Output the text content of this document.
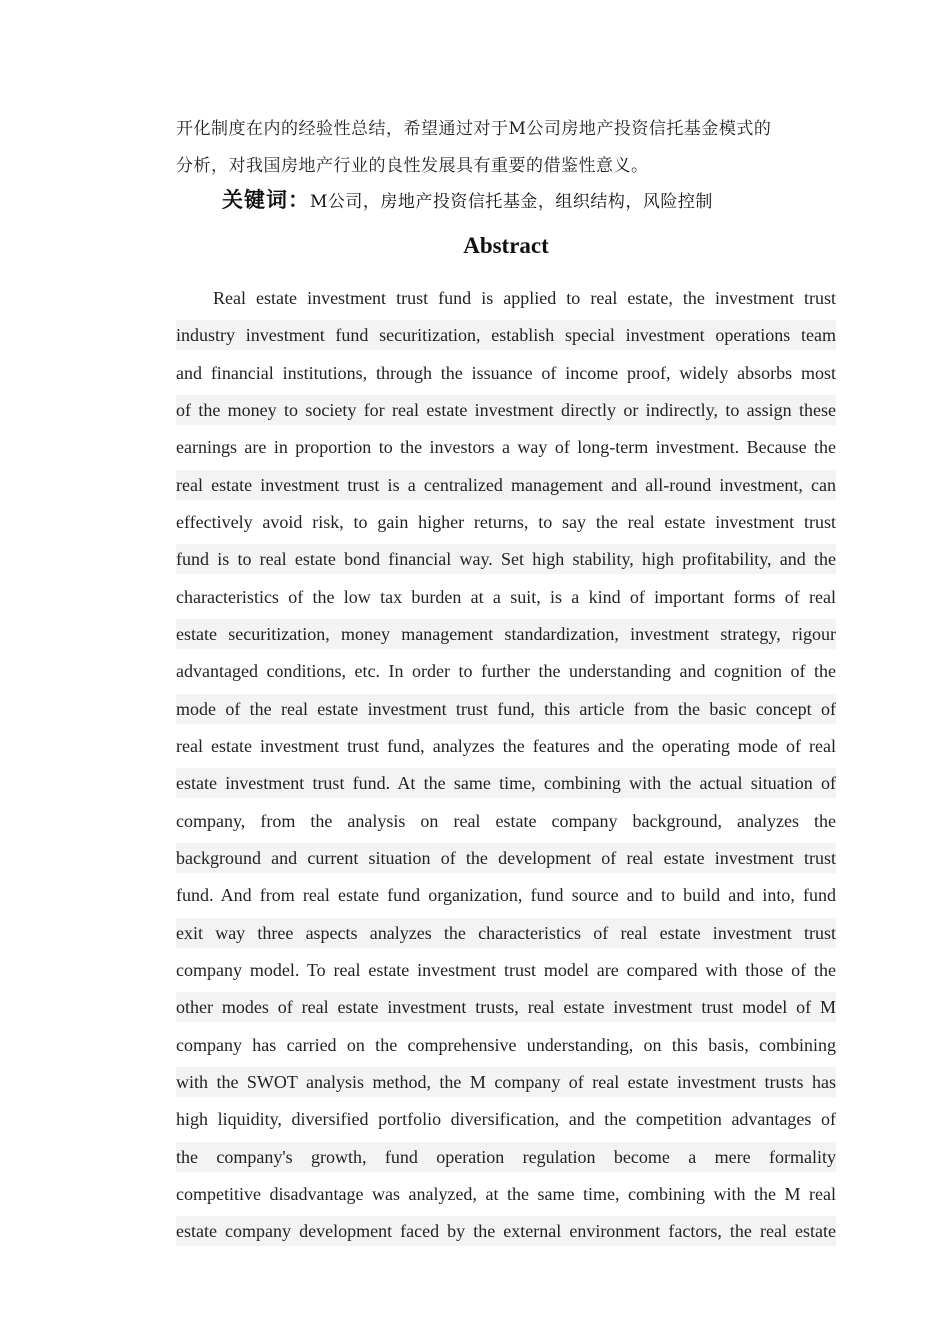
开化制度在内的经验性总结，希望通过对于M公司房地产投资信托基金模式的
分析，对我国房地产行业的良性发展具有重要的借鉴性意义。
关键词：M公司，房地产投资信托基金，组织结构，风险控制
Abstract
Real estate investment trust fund is applied to real estate, the investment trust
industry investment fund securitization, establish special investment operations team
and financial institutions, through the issuance of income proof, widely absorbs most
of the money to society for real estate investment directly or indirectly, to assign these
earnings are in proportion to the investors a way of long-term investment. Because the
real estate investment trust is a centralized management and all-round investment, can
effectively avoid risk, to gain higher returns, to say the real estate investment trust
fund is to real estate bond financial way. Set high stability, high profitability, and the
characteristics of the low tax burden at a suit, is a kind of important forms of real
estate securitization, money management standardization, investment strategy, rigour
advantaged conditions, etc. In order to further the understanding and cognition of the
mode of the real estate investment trust fund, this article from the basic concept of
real estate investment trust fund, analyzes the features and the operating mode of real
estate investment trust fund. At the same time, combining with the actual situation of
company, from the analysis on real estate company background, analyzes the
background and current situation of the development of real estate investment trust
fund. And from real estate fund organization, fund source and to build and into, fund
exit way three aspects analyzes the characteristics of real estate investment trust
company model. To real estate investment trust model are compared with those of the
other modes of real estate investment trusts, real estate investment trust model of M
company has carried on the comprehensive understanding, on this basis, combining
with the SWOT analysis method, the M company of real estate investment trusts has
high liquidity, diversified portfolio diversification, and the competition advantages of
the company's growth, fund operation regulation become a mere formality
competitive disadvantage was analyzed, at the same time, combining with the M real
estate company development faced by the external environment factors, the real estate
